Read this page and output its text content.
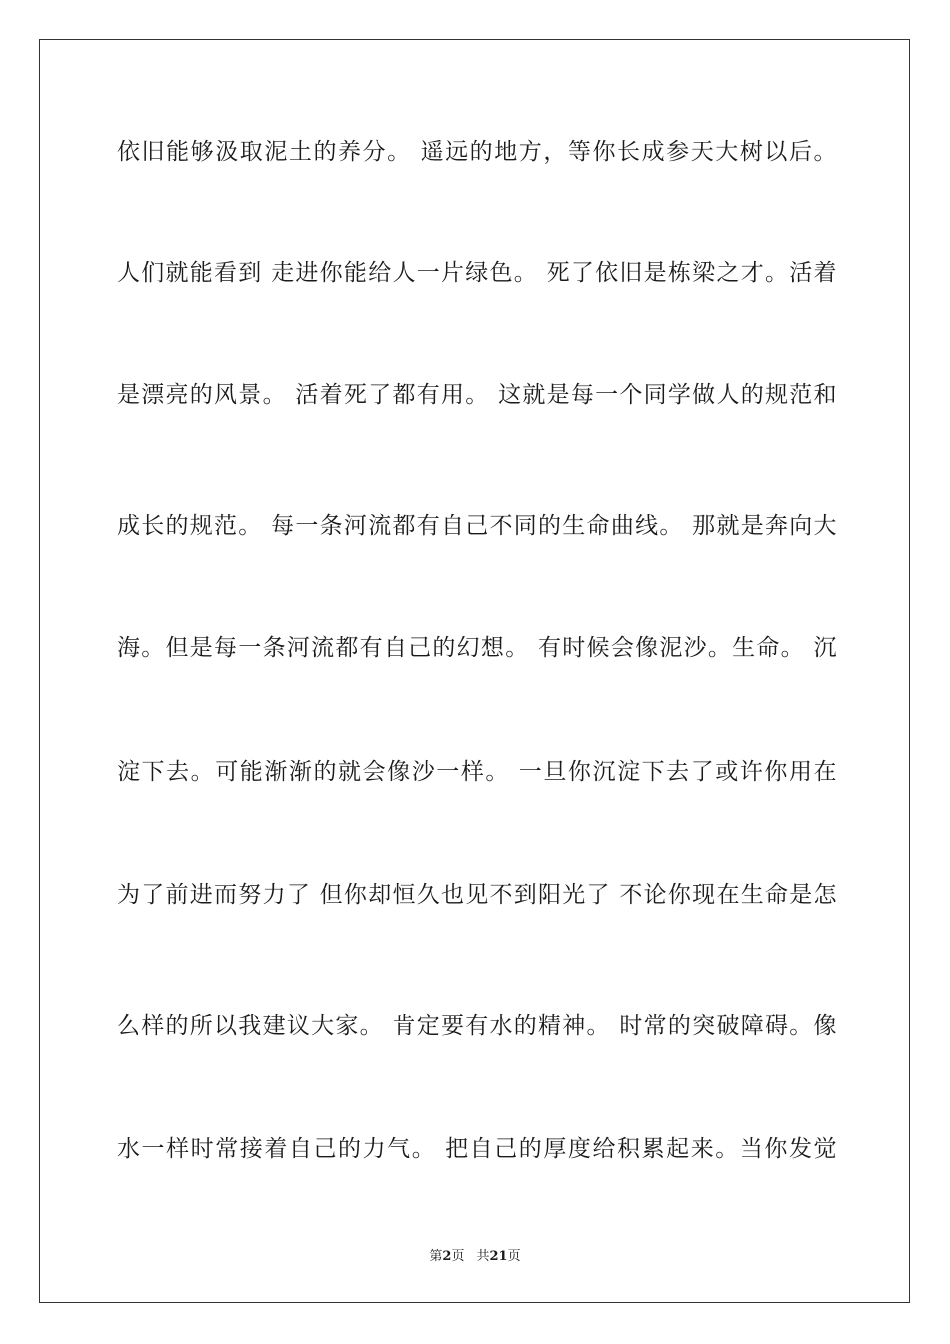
依旧能够汲取泥土的养分。 遥远的地方，等你长成参天大树以后。
人们就能看到 走进你能给人一片绿色。 死了依旧是栋梁之才。活着
是漂亮的风景。 活着死了都有用。 这就是每一个同学做人的规范和
成长的规范。 每一条河流都有自己不同的生命曲线。 那就是奔向大
海。但是每一条河流都有自己的幻想。 有时候会像泥沙。生命。 沉
淀下去。可能渐渐的就会像沙一样。 一旦你沉淀下去了或许你用在
为了前进而努力了 但你却恒久也见不到阳光了 不论你现在生命是怎
么样的所以我建议大家。 肯定要有水的精神。 时常的突破障碍。像
水一样时常接着自己的力气。 把自己的厚度给积累起来。当你发觉
第2页 共21页
